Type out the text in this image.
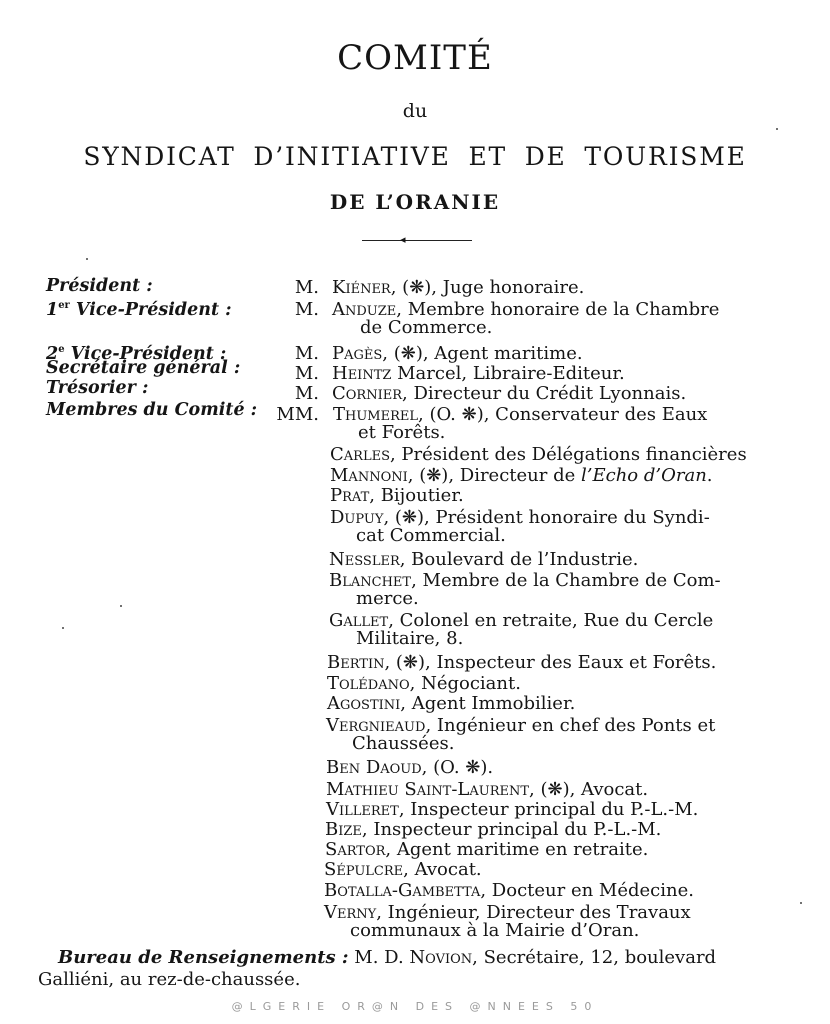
COMITÉ
du
SYNDICAT D’INITIATIVE ET DE TOURISME
DE L’ORANIE
◂
Président :
1er Vice-Président :
2e Vice-Président :
Secrétaire général :
Trésorier :
Membres du Comité :
M.
M.
M.
M.
M.
MM.
Kiéner, (❋), Juge honoraire.
Anduze, Membre honoraire de la Chambre
de Commerce.
Pagès, (❋), Agent maritime.
Heintz Marcel, Libraire-Editeur.
Cornier, Directeur du Crédit Lyonnais.
Thumerel, (O. ❋), Conservateur des Eaux
et Forêts.
Carles, Président des Délégations financières
Mannoni, (❋), Directeur de l’Echo d’Oran.
Prat, Bijoutier.
Dupuy, (❋), Président honoraire du Syndi-
cat Commercial.
Nessler, Boulevard de l’Industrie.
Blanchet, Membre de la Chambre de Com-
merce.
Gallet, Colonel en retraite, Rue du Cercle
Militaire, 8.
Bertin, (❋), Inspecteur des Eaux et Forêts.
Tolédano, Négociant.
Agostini, Agent Immobilier.
Vergnieaud, Ingénieur en chef des Ponts et
Chaussées.
Ben Daoud, (O. ❋).
Mathieu Saint-Laurent, (❋), Avocat.
Villeret, Inspecteur principal du P.-L.-M.
Bize, Inspecteur principal du P.-L.-M.
Sartor, Agent maritime en retraite.
Sépulcre, Avocat.
Botalla-Gambetta, Docteur en Médecine.
Verny, Ingénieur, Directeur des Travaux
communaux à la Mairie d’Oran.
Bureau de Renseignements : M. D. Novion, Secrétaire, 12, boulevard
Galliéni, au rez-de-chaussée.
@LGERIE OR@N DES @NNEES 50
